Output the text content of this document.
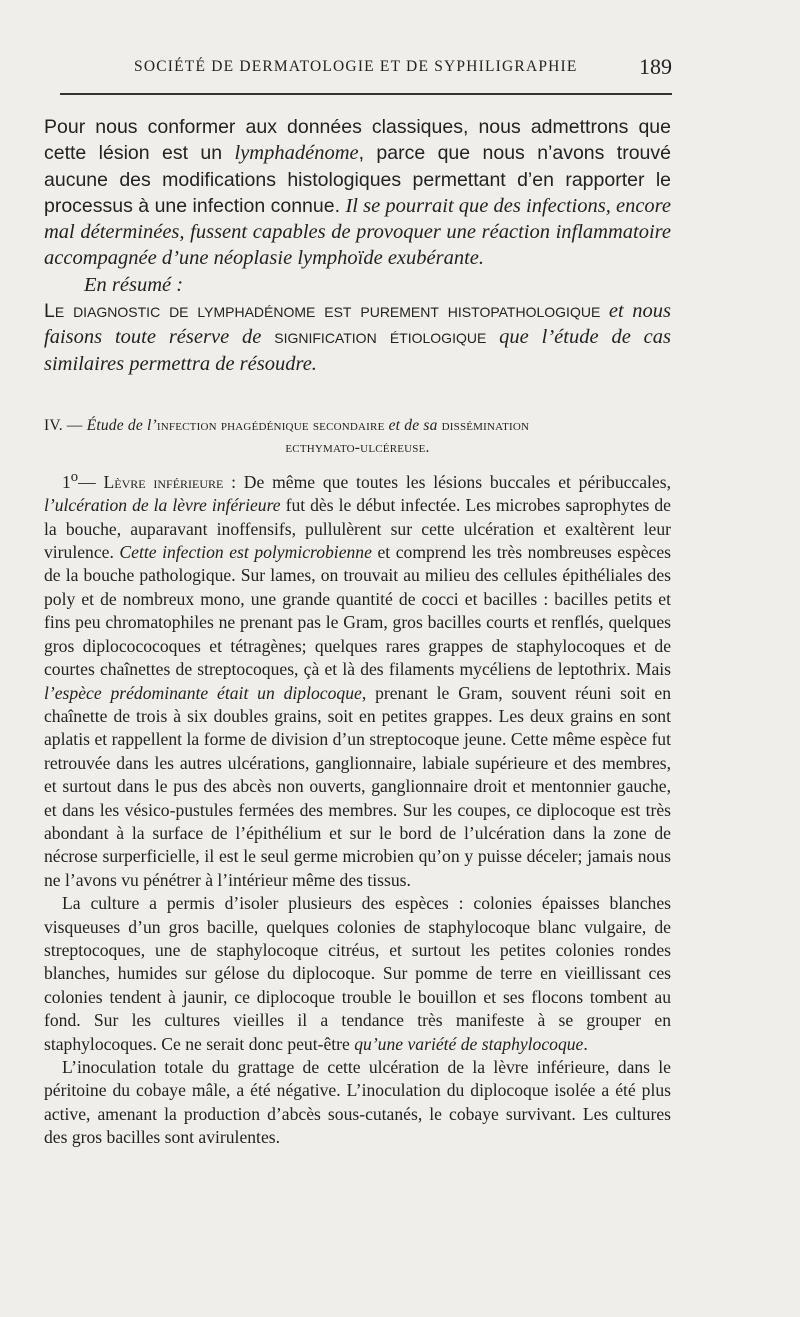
SOCIÉTÉ DE DERMATOLOGIE ET DE SYPHILIGRAPHIE	189

Pour nous conformer aux données classiques, nous admettrons que cette lésion est un lymphadénome, parce que nous n’avons trouvé aucune des modifications histologiques permettant d’en rapporter le processus à une infection connue. Il se pourrait que des infections, encore mal déterminées, fussent capables de provoquer une réaction inflammatoire accompagnée d’une néoplasie lymphoïde exubérante.

En résumé :

Le diagnostic de lymphadénome est purement histopathologique et nous faisons toute réserve de signification étiologique que l’étude de cas similaires permettra de résoudre.

IV. — Étude de l’infection phagédénique secondaire et de sa dissémination
ecthymato-ulcéreuse.

1$^o$— Lèvre inférieure : De même que toutes les lésions buccales et péribuccales, l’ulcération de la lèvre inférieure fut dès le début infectée. Les microbes saprophytes de la bouche, auparavant inoffensifs, pullulèrent sur cette ulcération et exaltèrent leur virulence. Cette infection est polymicrobienne et comprend les très nombreuses espèces de la bouche pathologique. Sur lames, on trouvait au milieu des cellules épithéliales des poly et de nombreux mono, une grande quantité de cocci et bacilles : bacilles petits et fins peu chromatophiles ne prenant pas le Gram, gros bacilles courts et renflés, quelques gros diplocococoques et tétragènes; quelques rares grappes de staphylocoques et de courtes chaînettes de streptocoques, çà et là des filaments mycéliens de leptothrix. Mais l’espèce prédominante était un diplocoque, prenant le Gram, souvent réuni soit en chaînette de trois à six doubles grains, soit en petites grappes. Les deux grains en sont aplatis et rappellent la forme de division d’un streptocoque jeune. Cette même espèce fut retrouvée dans les autres ulcérations, ganglionnaire, labiale supérieure et des membres, et surtout dans le pus des abcès non ouverts, ganglionnaire droit et mentonnier gauche, et dans les vésico-pustules fermées des membres. Sur les coupes, ce diplocoque est très abondant à la surface de l’épithélium et sur le bord de l’ulcération dans la zone de nécrose surperficielle, il est le seul germe microbien qu’on y puisse déceler; jamais nous ne l’avons vu pénétrer à l’intérieur même des tissus.

La culture a permis d’isoler plusieurs des espèces : colonies épaisses blanches visqueuses d’un gros bacille, quelques colonies de staphylocoque blanc vulgaire, de streptocoques, une de staphylocoque citréus, et surtout les petites colonies rondes blanches, humides sur gélose du diplocoque. Sur pomme de terre en vieillissant ces colonies tendent à jaunir, ce diplocoque trouble le bouillon et ses flocons tombent au fond. Sur les cultures vieilles il a tendance très manifeste à se grouper en staphylocoques. Ce ne serait donc peut-être qu’une variété de staphylocoque.

L’inoculation totale du grattage de cette ulcération de la lèvre inférieure, dans le péritoine du cobaye mâle, a été négative. L’inoculation du diplocoque isolée a été plus active, amenant la production d’abcès sous-cutanés, le cobaye survivant. Les cultures des gros bacilles sont avirulentes.
